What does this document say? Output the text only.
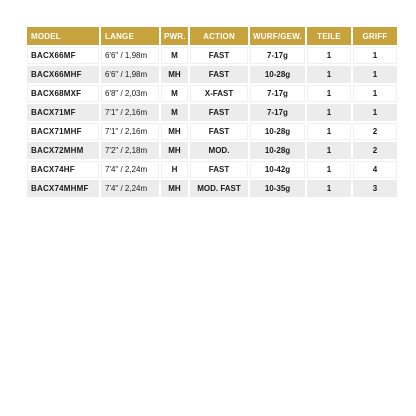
MODEL	LANGE	PWR.	ACTION	WURF/GEW.	TEILE	GRIFF
BACX66MF	6'6" / 1,98m	M	FAST	7-17g	1	1
BACX66MHF	6'6" / 1,98m	MH	FAST	10-28g	1	1
BACX68MXF	6'8" / 2,03m	M	X-FAST	7-17g	1	1
BACX71MF	7'1" / 2,16m	M	FAST	7-17g	1	1
BACX71MHF	7'1" / 2,16m	MH	FAST	10-28g	1	2
BACX72MHM	7'2" / 2,18m	MH	MOD.	10-28g	1	2
BACX74HF	7'4" / 2,24m	H	FAST	10-42g	1	4
BACX74MHMF	7'4" / 2,24m	MH	MOD. FAST	10-35g	1	3
